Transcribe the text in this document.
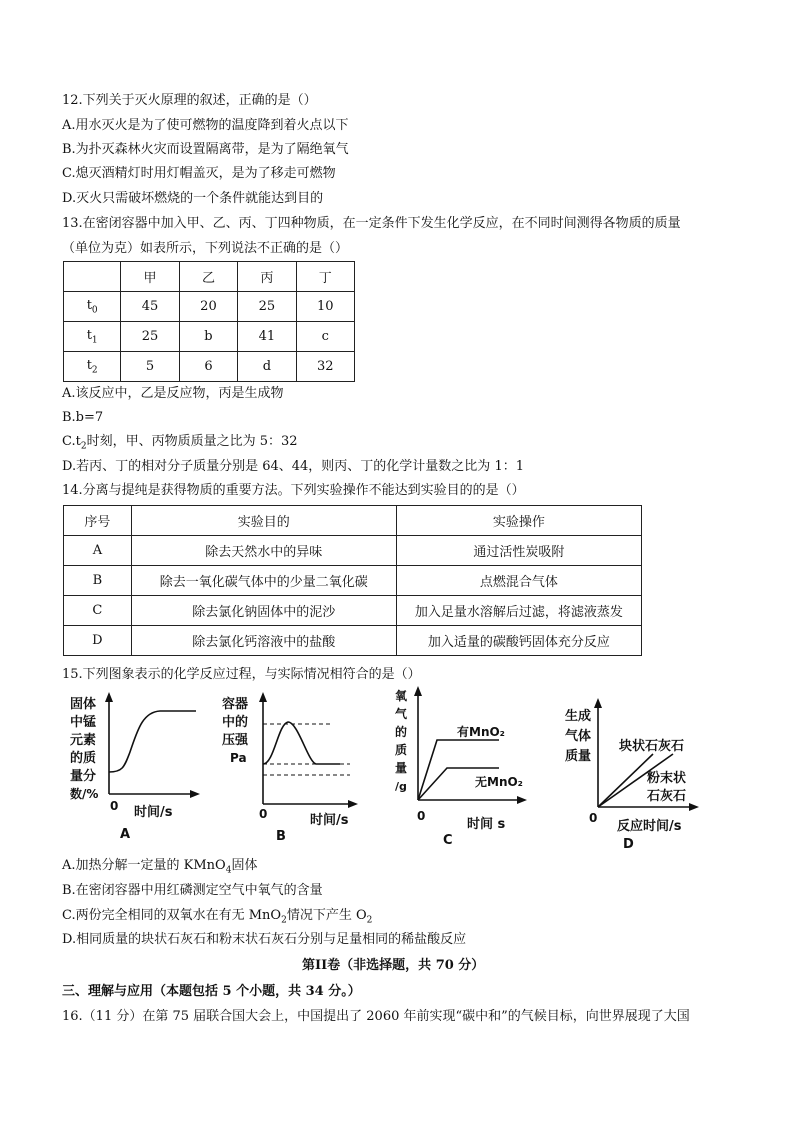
12.下列关于灭火原理的叙述，正确的是（）
A.用水灭火是为了使可燃物的温度降到着火点以下
B.为扑灭森林火灾而设置隔离带，是为了隔绝氧气
C.熄灭酒精灯时用灯帽盖灭，是为了移走可燃物
D.灭火只需破坏燃烧的一个条件就能达到目的
13.在密闭容器中加入甲、乙、丙、丁四种物质，在一定条件下发生化学反应，在不同时间测得各物质的质量
（单位为克）如表所示，下列说法不正确的是（）
	甲	乙	丙	丁
$t_0$	45	20	25	10
$t_1$	25	b	41	c
$t_2$	5	6	d	32
A.该反应中，乙是反应物，丙是生成物
B.b=7
$C.t_2$时刻，甲、丙物质质量之比为 5：32
D.若丙、丁的相对分子质量分别是 64、44，则丙、丁的化学计量数之比为 1：1
14.分离与提纯是获得物质的重要方法。下列实验操作不能达到实验目的的是（）
序号	实验目的	实验操作
A	除去天然水中的异味	通过活性炭吸附
B	除去一氧化碳气体中的少量二氧化碳	点燃混合气体
C	除去氯化钠固体中的泥沙	加入足量水溶解后过滤，将滤液蒸发
D	除去氯化钙溶液中的盐酸	加入适量的碳酸钙固体充分反应
15.下列图象表示的化学反应过程，与实际情况相符合的是（）
固体
中锰
元素
的质
量分
数/%
0 时间/s
A
容器
中的
压强
Pa
0	时间/s
B
氧
气
的
质
量
/g
有MnO₂
无MnO₂
0
时间 s
C
生成
气体
质量
块状石灰石
粉末状
石灰石
0
反应时间/s
D
A.加热分解一定量的 KMnO$_4$固体
B.在密闭容器中用红磷测定空气中氧气的含量
C.两份完全相同的双氧水在有无 MnO$_2$情况下产生 $O_2$
D.相同质量的块状石灰石和粉末状石灰石分别与足量相同的稀盐酸反应
第II卷（非选择题，共 70 分）
三、理解与应用（本题包括 5 个小题，共 34 分。）
16.（11 分）在第 75 届联合国大会上，中国提出了 2060 年前实现“碳中和”的气候目标，向世界展现了大国
